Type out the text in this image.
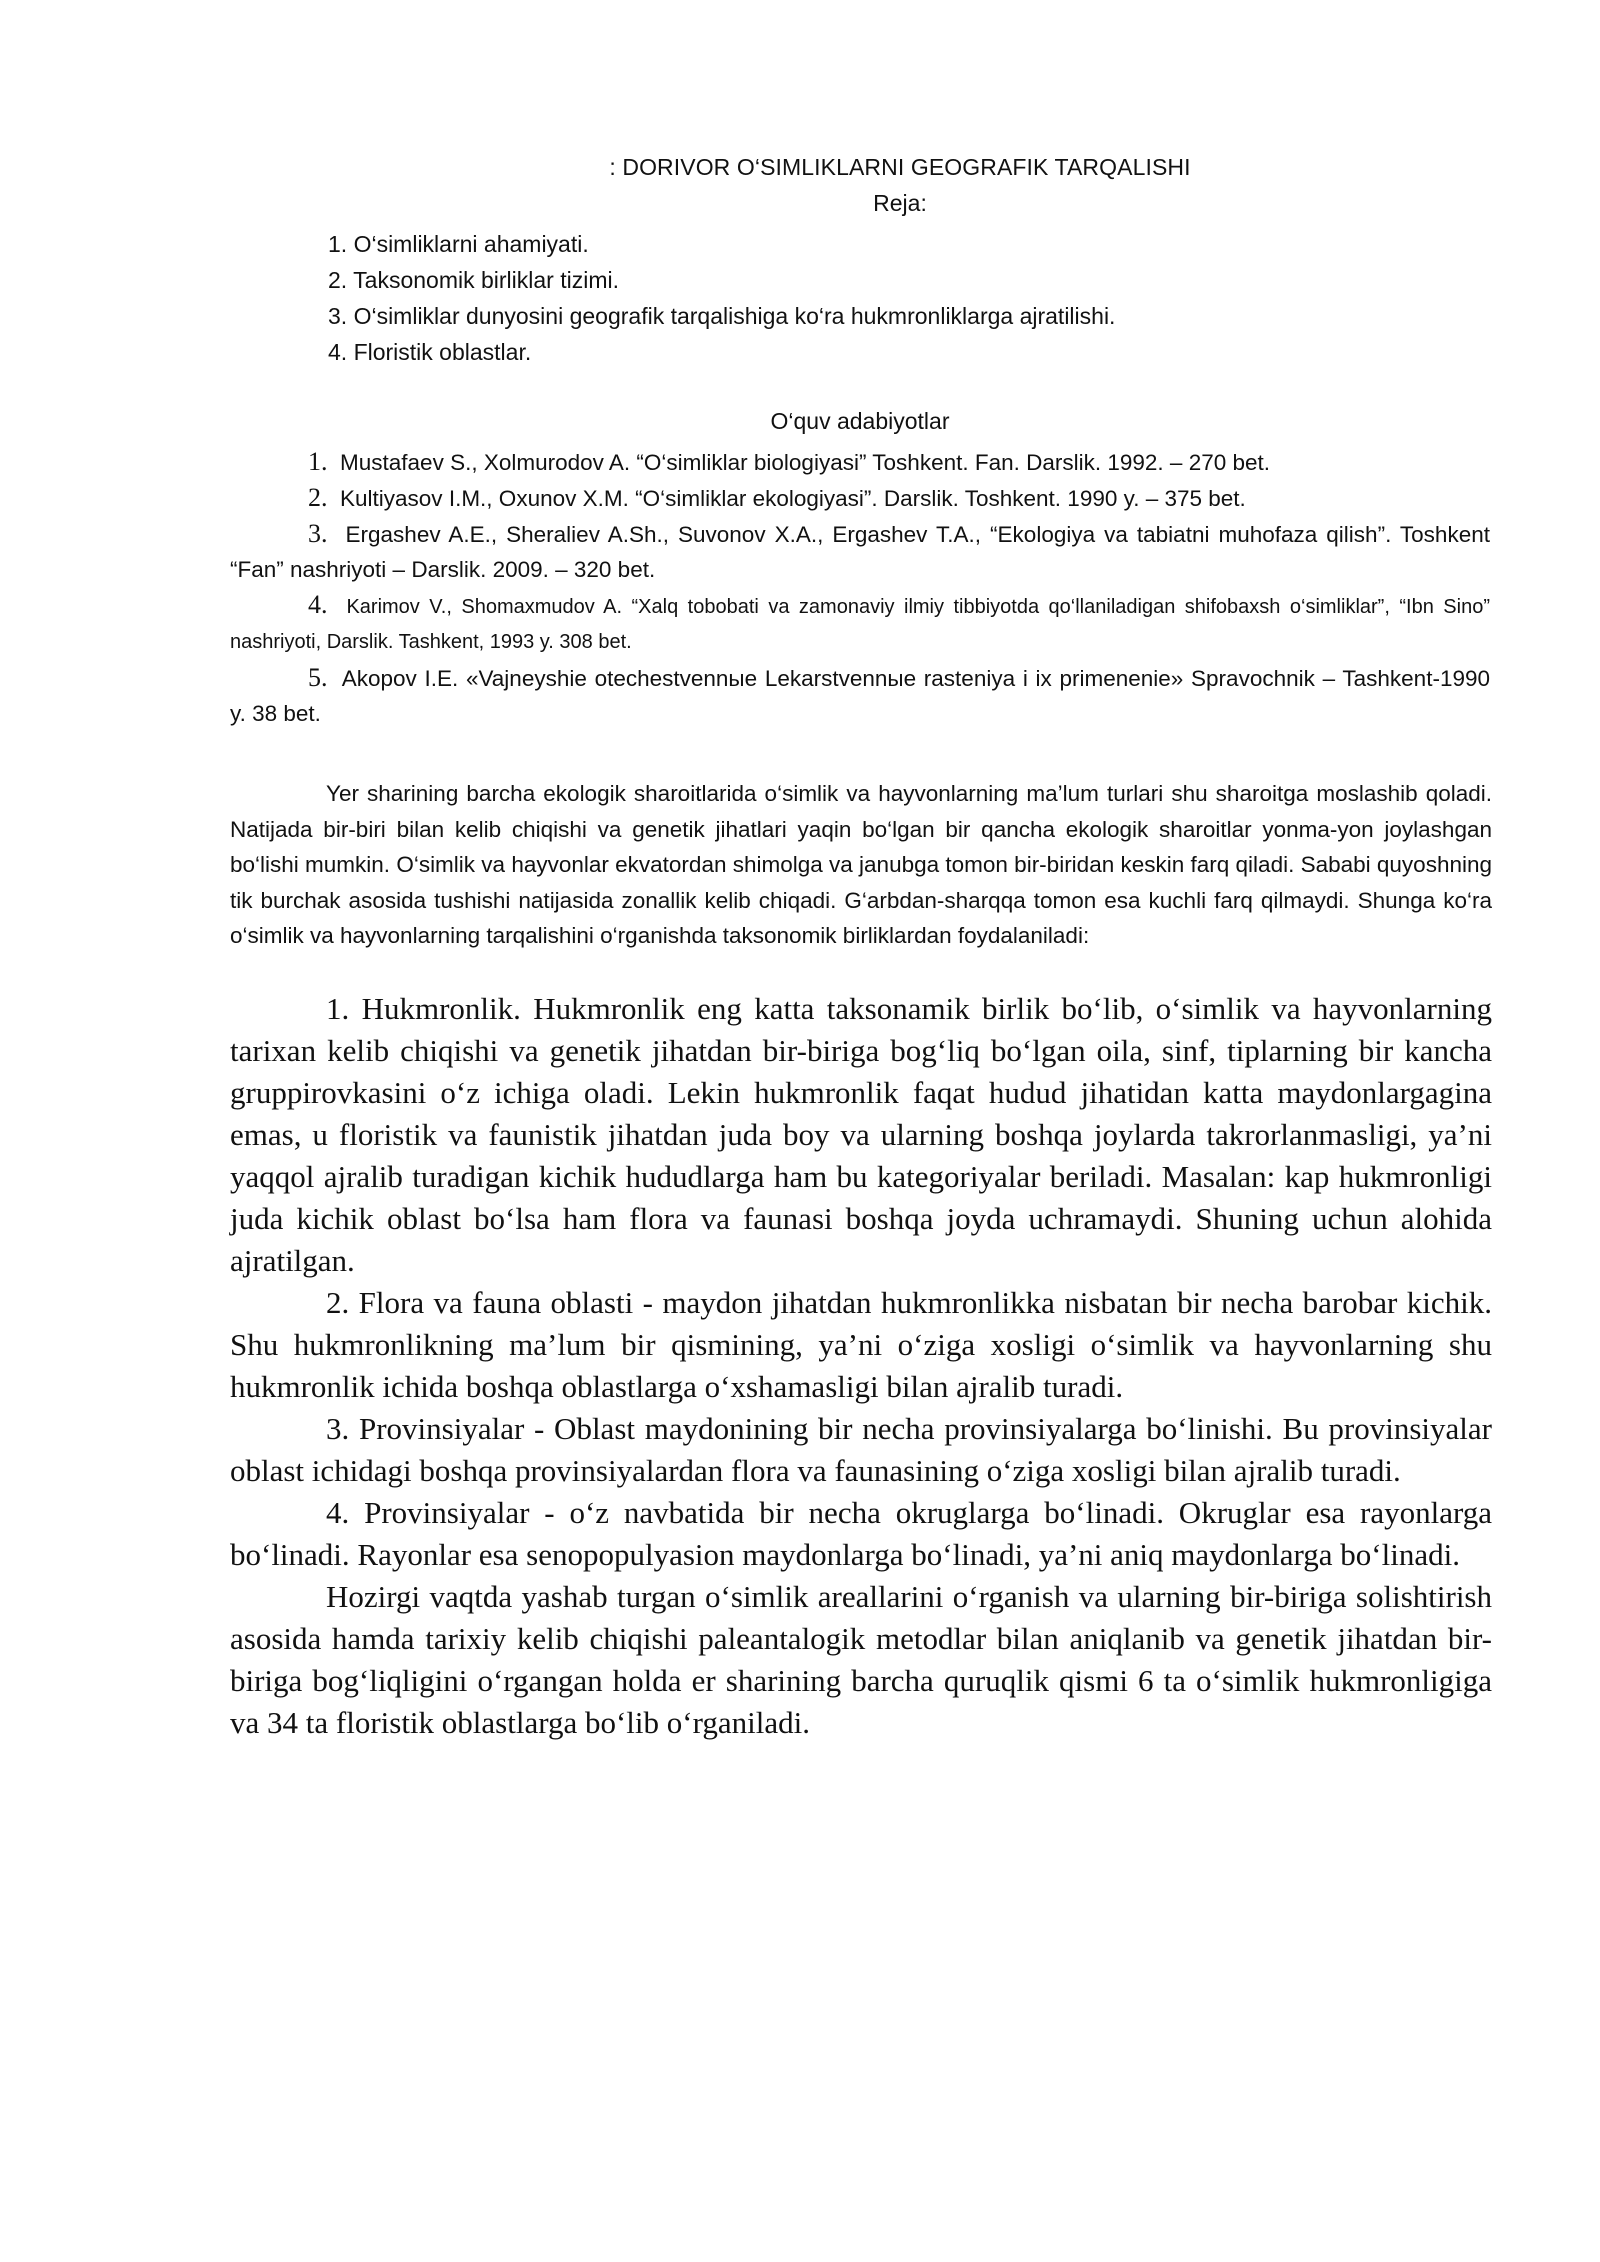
: DORIVOR O‘SIMLIKLARNI GEOGRAFIK TARQALISHI
Reja:
1. O‘simliklarni ahamiyati.
2. Taksonomik birliklar tizimi.
3. O‘simliklar dunyosini geografik tarqalishiga ko‘ra hukmronliklarga ajratilishi.
4. Floristik oblastlar.
O‘quv adabiyotlar

1. Mustafaev S., Xolmurodov A. “O‘simliklar biologiyasi” Toshkent. Fan. Darslik. 1992. – 270 bet.

2. Kultiyasov I.M., Oxunov X.M. “O‘simliklar ekologiyasi”. Darslik. Toshkent. 1990 y. – 375 bet.

3. Ergashev A.E., Sheraliev A.Sh., Suvonov X.A., Ergashev T.A., “Ekologiya va tabiatni muhofaza qilish”. Toshkent “Fan” nashriyoti – Darslik. 2009. – 320 bet.

4. Karimov V., Shomaxmudov A. “Xalq tobobati va zamonaviy ilmiy tibbiyotda qo‘llaniladigan shifobaxsh o‘simliklar”, “Ibn Sino” nashriyoti, Darslik. Tashkent, 1993 y. 308 bet.

5. Akopov I.E. «Vajneyshie otechestvennые Lekarstvennые rasteniya i ix primenenie» Spravochnik – Tashkent-1990 y. 38 bet.

Yer sharining barcha ekologik sharoitlarida o‘simlik va hayvonlarning ma’lum turlari shu sharoitga moslashib qoladi. Natijada bir-biri bilan kelib chiqishi va genetik jihatlari yaqin bo‘lgan bir qancha ekologik sharoitlar yonma-yon joylashgan bo‘lishi mumkin. O‘simlik va hayvonlar ekvatordan shimolga va janubga tomon bir-biridan keskin farq qiladi. Sababi quyoshning tik burchak asosida tushishi natijasida zonallik kelib chiqadi. G‘arbdan-sharqqa tomon esa kuchli farq qilmaydi. Shunga ko‘ra o‘simlik va hayvonlarning tarqalishini o‘rganishda taksonomik birliklardan foydalaniladi:

1. Hukmronlik. Hukmronlik eng katta taksonamik birlik bo‘lib, o‘simlik va hayvonlarning tarixan kelib chiqishi va genetik jihatdan bir-biriga bog‘liq bo‘lgan oila, sinf, tiplarning bir kancha gruppirovkasini o‘z ichiga oladi. Lekin hukmronlik faqat hudud jihatidan katta maydonlargagina emas, u floristik va faunistik jihatdan juda boy va ularning boshqa joylarda takrorlanmasligi, ya’ni yaqqol ajralib turadigan kichik hududlarga ham bu kategoriyalar beriladi. Masalan: kap hukmronligi juda kichik oblast bo‘lsa ham flora va faunasi boshqa joyda uchramaydi. Shuning uchun alohida ajratilgan.

2. Flora va fauna oblasti - maydon jihatdan hukmronlikka nisbatan bir necha barobar kichik. Shu hukmronlikning ma’lum bir qismining, ya’ni o‘ziga xosligi o‘simlik va hayvonlarning shu hukmronlik ichida boshqa oblastlarga o‘xshamasligi bilan ajralib turadi.

3. Provinsiyalar - Oblast maydonining bir necha provinsiyalarga bo‘linishi. Bu provinsiyalar oblast ichidagi boshqa provinsiyalardan flora va faunasining o‘ziga xosligi bilan ajralib turadi.

4. Provinsiyalar - o‘z navbatida bir necha okruglarga bo‘linadi. Okruglar esa rayonlarga bo‘linadi. Rayonlar esa senopopulyasion maydonlarga bo‘linadi, ya’ni aniq maydonlarga bo‘linadi.

Hozirgi vaqtda yashab turgan o‘simlik areallarini o‘rganish va ularning bir-biriga solishtirish asosida hamda tarixiy kelib chiqishi paleantalogik metodlar bilan aniqlanib va genetik jihatdan bir-biriga bog‘liqligini o‘rgangan holda er sharining barcha quruqlik qismi 6 ta o‘simlik hukmronligiga va 34 ta floristik oblastlarga bo‘lib o‘rganiladi.
